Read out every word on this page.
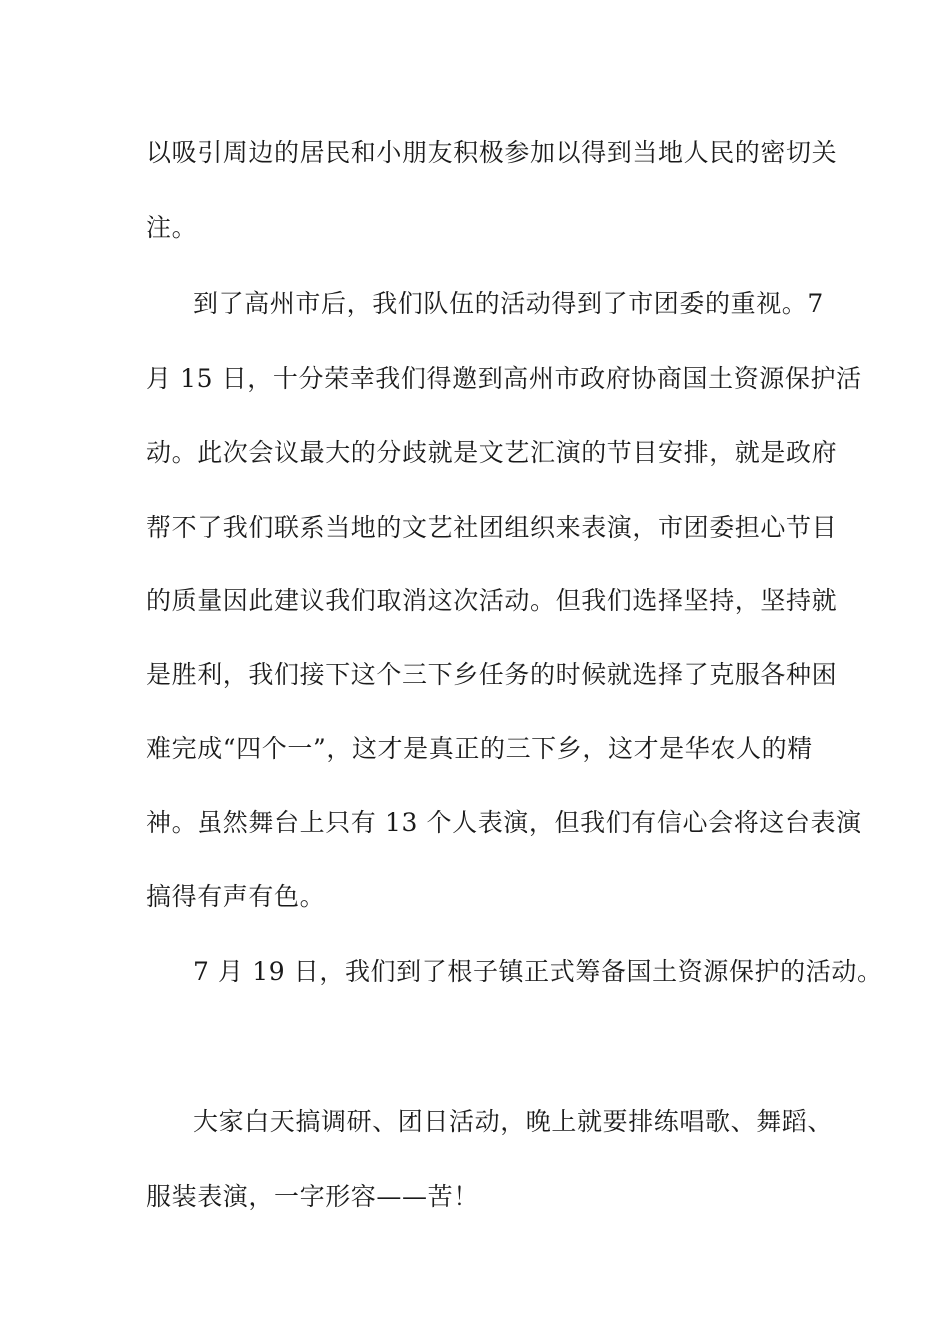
以吸引周边的居民和小朋友积极参加以得到当地人民的密切关
注。
到了高州市后，我们队伍的活动得到了市团委的重视。7
月 15 日，十分荣幸我们得邀到高州市政府协商国土资源保护活
动。此次会议最大的分歧就是文艺汇演的节目安排，就是政府
帮不了我们联系当地的文艺社团组织来表演，市团委担心节目
的质量因此建议我们取消这次活动。但我们选择坚持，坚持就
是胜利，我们接下这个三下乡任务的时候就选择了克服各种困
难完成“四个一”，这才是真正的三下乡，这才是华农人的精
神。虽然舞台上只有 13 个人表演，但我们有信心会将这台表演
搞得有声有色。
7 月 19 日，我们到了根子镇正式筹备国土资源保护的活动。
大家白天搞调研、团日活动，晚上就要排练唱歌、舞蹈、
服装表演，一字形容——苦！
